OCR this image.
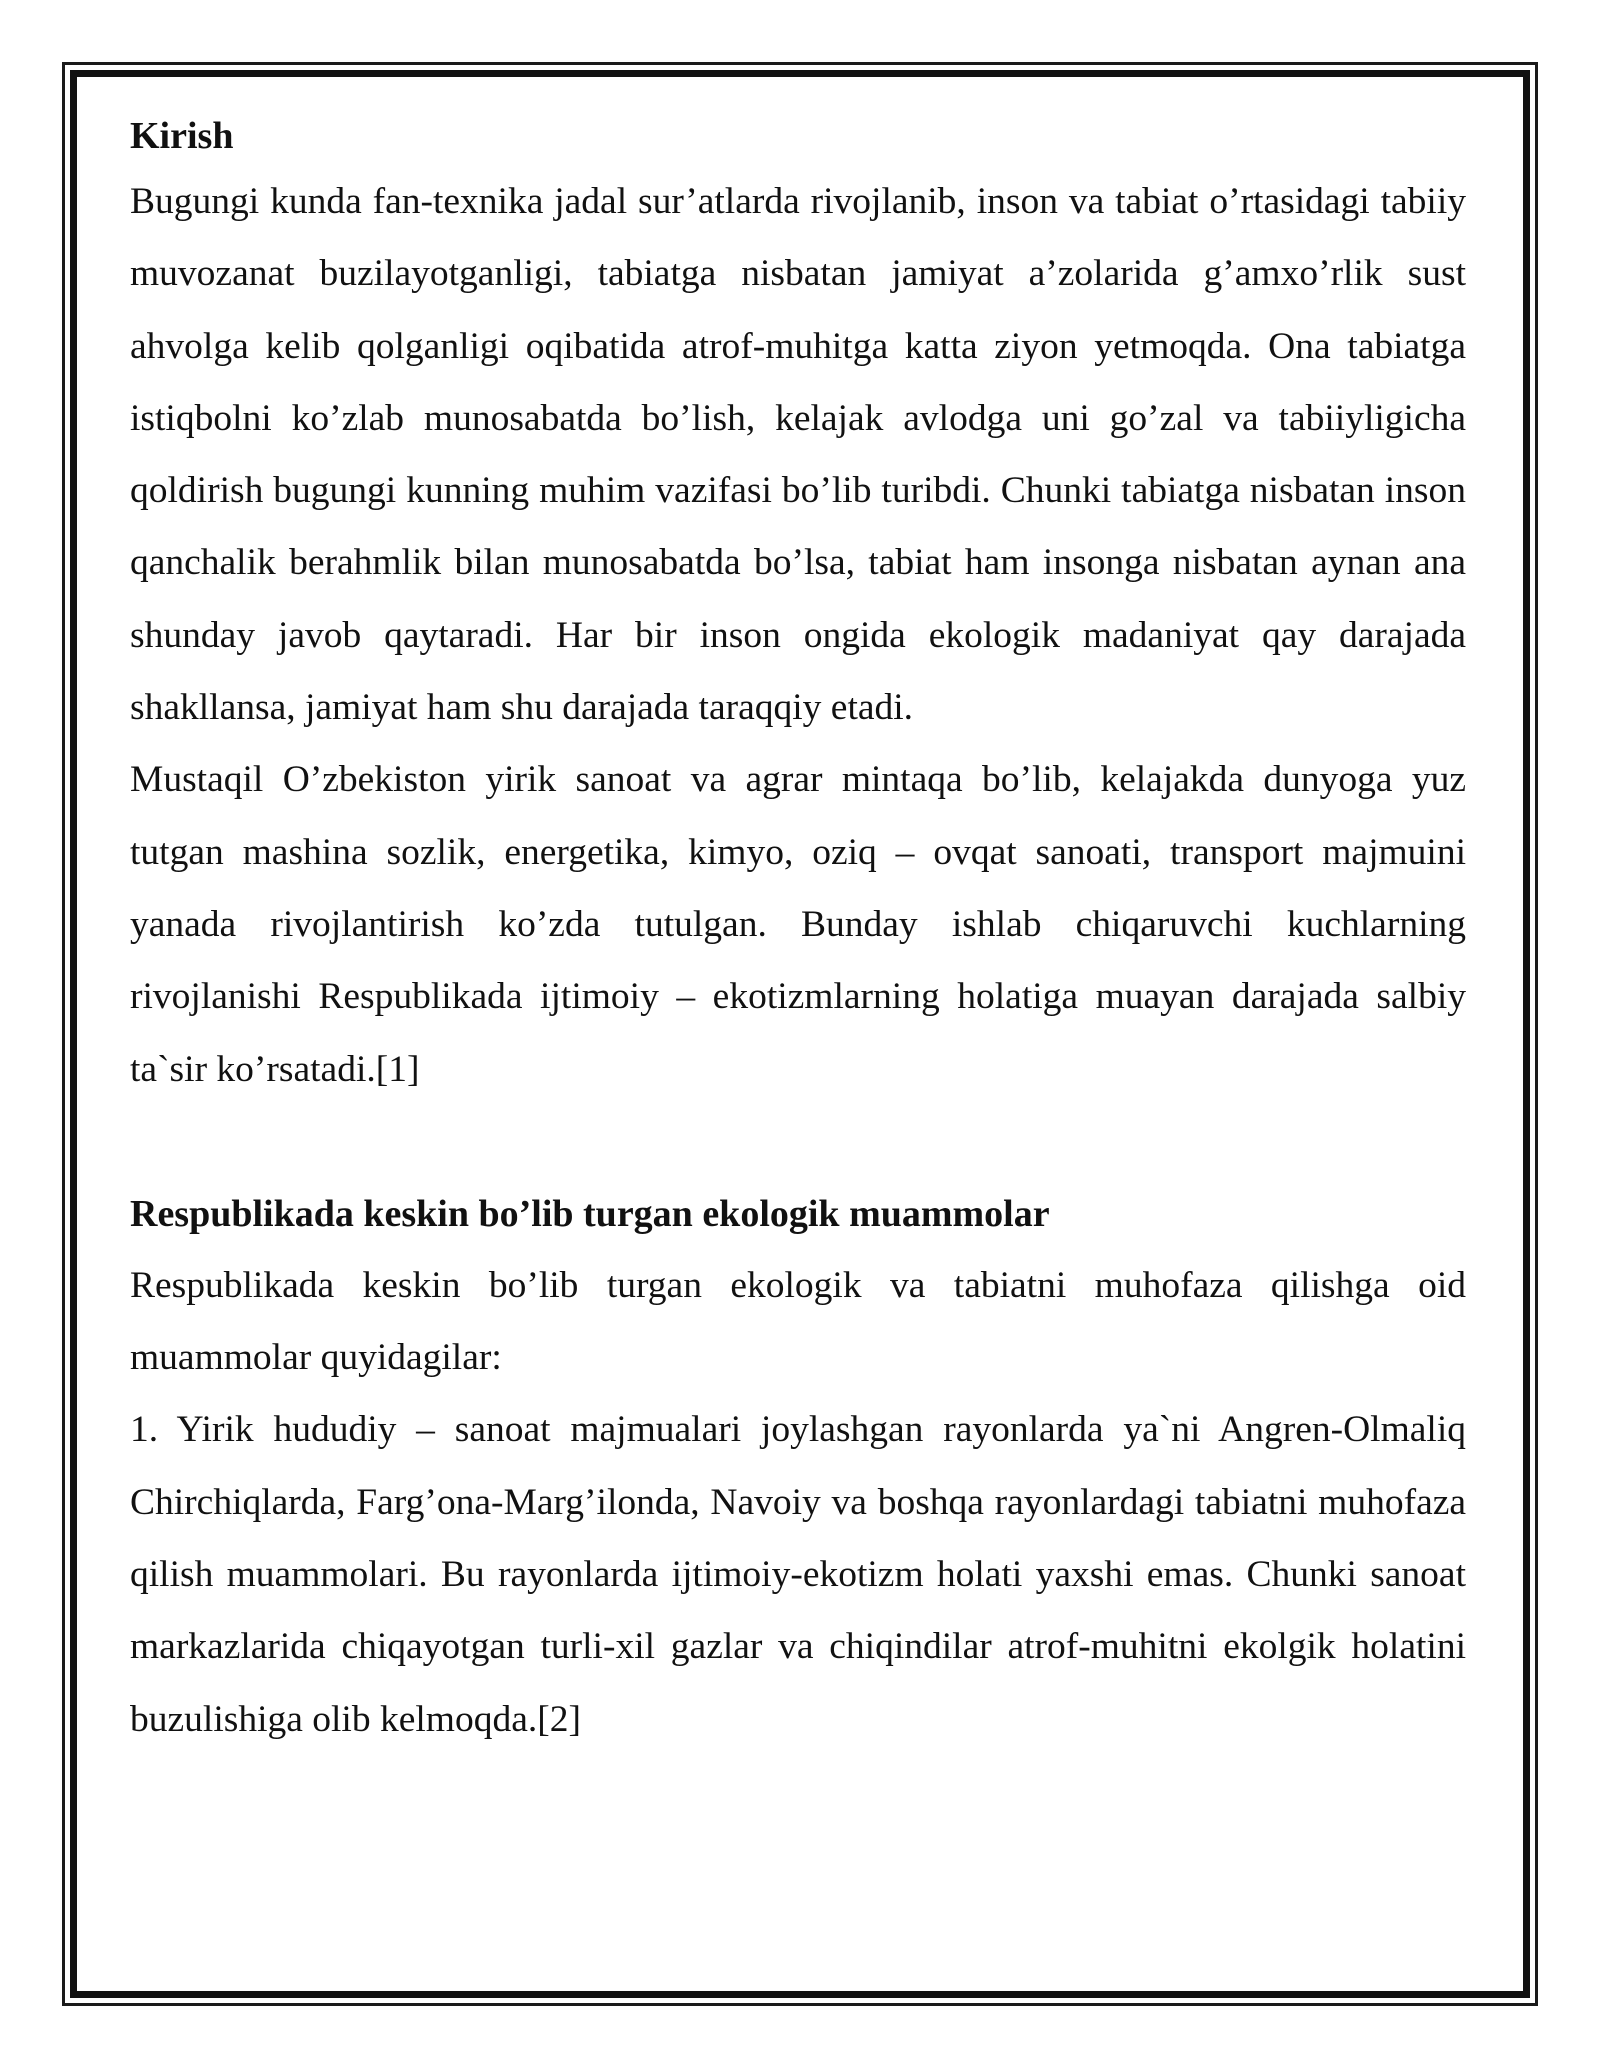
Kirish

Bugungi kunda fan-texnika jadal sur’atlarda rivojlanib, inson va tabiat o’rtasidagi tabiiy muvozanat buzilayotganligi, tabiatga nisbatan jamiyat a’zolarida g’amxo’rlik sust ahvolga kelib qolganligi oqibatida atrof-muhitga katta ziyon yetmoqda. Ona tabiatga istiqbolni ko’zlab munosabatda bo’lish, kelajak avlodga uni go’zal va tabiiyligicha qoldirish bugungi kunning muhim vazifasi bo’lib turibdi. Chunki tabiatga nisbatan inson qanchalik berahmlik bilan munosabatda bo’lsa, tabiat ham insonga nisbatan aynan ana shunday javob qaytaradi. Har bir inson ongida ekologik madaniyat qay darajada shakllansa, jamiyat ham shu darajada taraqqiy etadi.

Mustaqil O’zbekiston yirik sanoat va agrar mintaqa bo’lib, kelajakda dunyoga yuz tutgan mashina sozlik, energetika, kimyo, oziq – ovqat sanoati, transport majmuini yanada rivojlantirish ko’zda tutulgan. Bunday ishlab chiqaruvchi kuchlarning rivojlanishi Respublikada ijtimoiy – ekotizmlarning holatiga muayan darajada salbiy ta`sir ko’rsatadi.[1]

Respublikada keskin bo’lib turgan ekologik muammolar

Respublikada keskin bo’lib turgan ekologik va tabiatni muhofaza qilishga oid muammolar quyidagilar:

1. Yirik hududiy – sanoat majmualari joylashgan rayonlarda ya`ni Angren-Olmaliq Chirchiqlarda, Farg’ona-Marg’ilonda, Navoiy va boshqa rayonlardagi tabiatni muhofaza qilish muammolari. Bu rayonlarda ijtimoiy-ekotizm holati yaxshi emas. Chunki sanoat markazlarida chiqayotgan turli-xil gazlar va chiqindilar atrof-muhitni ekolgik holatini buzulishiga olib kelmoqda.[2]
